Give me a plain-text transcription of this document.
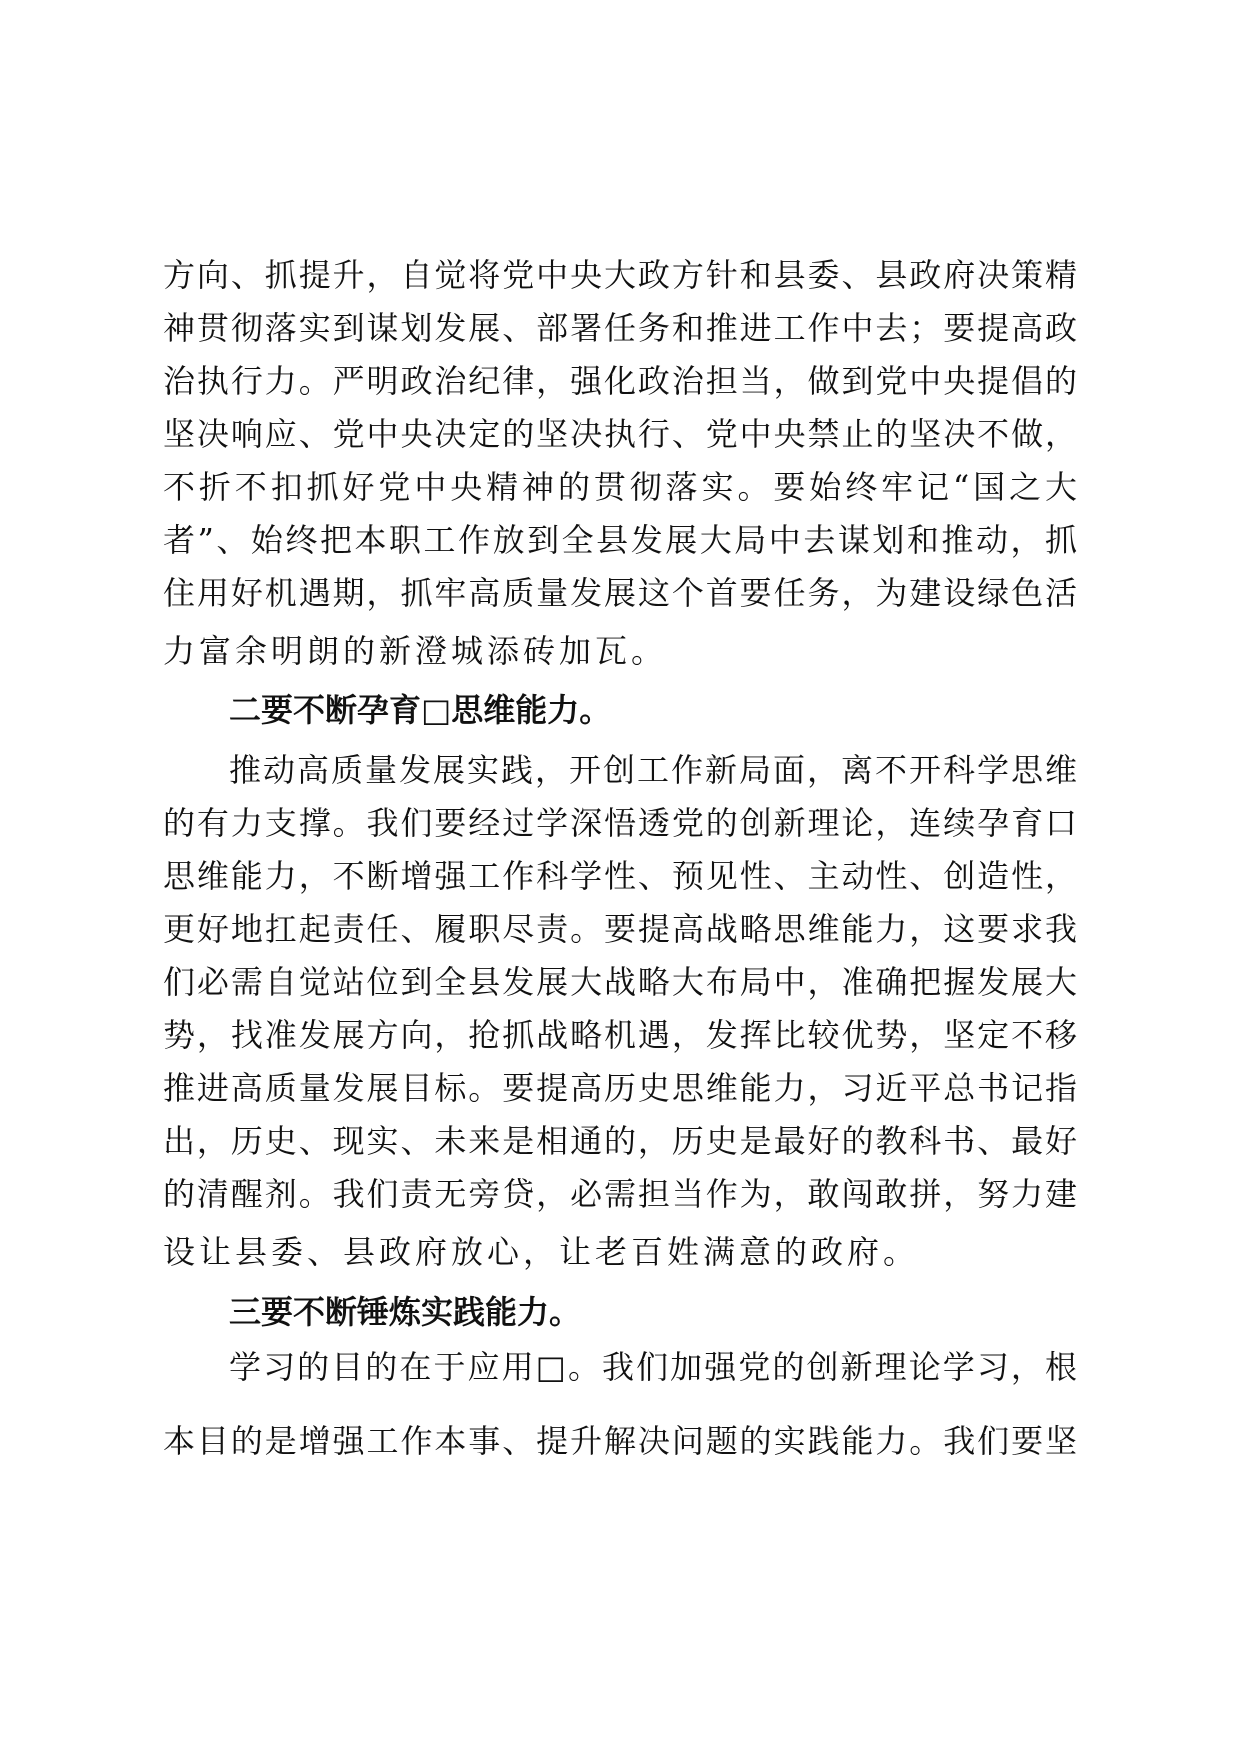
方向、抓提升，自觉将党中央大政方针和县委、县政府决策精
神贯彻落实到谋划发展、部署任务和推进工作中去；要提高政
治执行力。严明政治纪律，强化政治担当，做到党中央提倡的
坚决响应、党中央决定的坚决执行、党中央禁止的坚决不做，
不折不扣抓好党中央精神的贯彻落实。要始终牢记“国之大
者”、始终把本职工作放到全县发展大局中去谋划和推动，抓
住用好机遇期，抓牢高质量发展这个首要任务，为建设绿色活
力富余明朗的新澄城添砖加瓦。
二要不断孕育□思维能力。
推动高质量发展实践，开创工作新局面，离不开科学思维
的有力支撑。我们要经过学深悟透党的创新理论，连续孕育口
思维能力，不断增强工作科学性、预见性、主动性、创造性，
更好地扛起责任、履职尽责。要提高战略思维能力，这要求我
们必需自觉站位到全县发展大战略大布局中，准确把握发展大
势，找准发展方向，抢抓战略机遇，发挥比较优势，坚定不移
推进高质量发展目标。要提高历史思维能力，习近平总书记指
出，历史、现实、未来是相通的，历史是最好的教科书、最好
的清醒剂。我们责无旁贷，必需担当作为，敢闯敢拼，努力建
设让县委、县政府放心，让老百姓满意的政府。
三要不断锤炼实践能力。
学习的目的在于应用□。我们加强党的创新理论学习，根
本目的是增强工作本事、提升解决问题的实践能力。我们要坚
